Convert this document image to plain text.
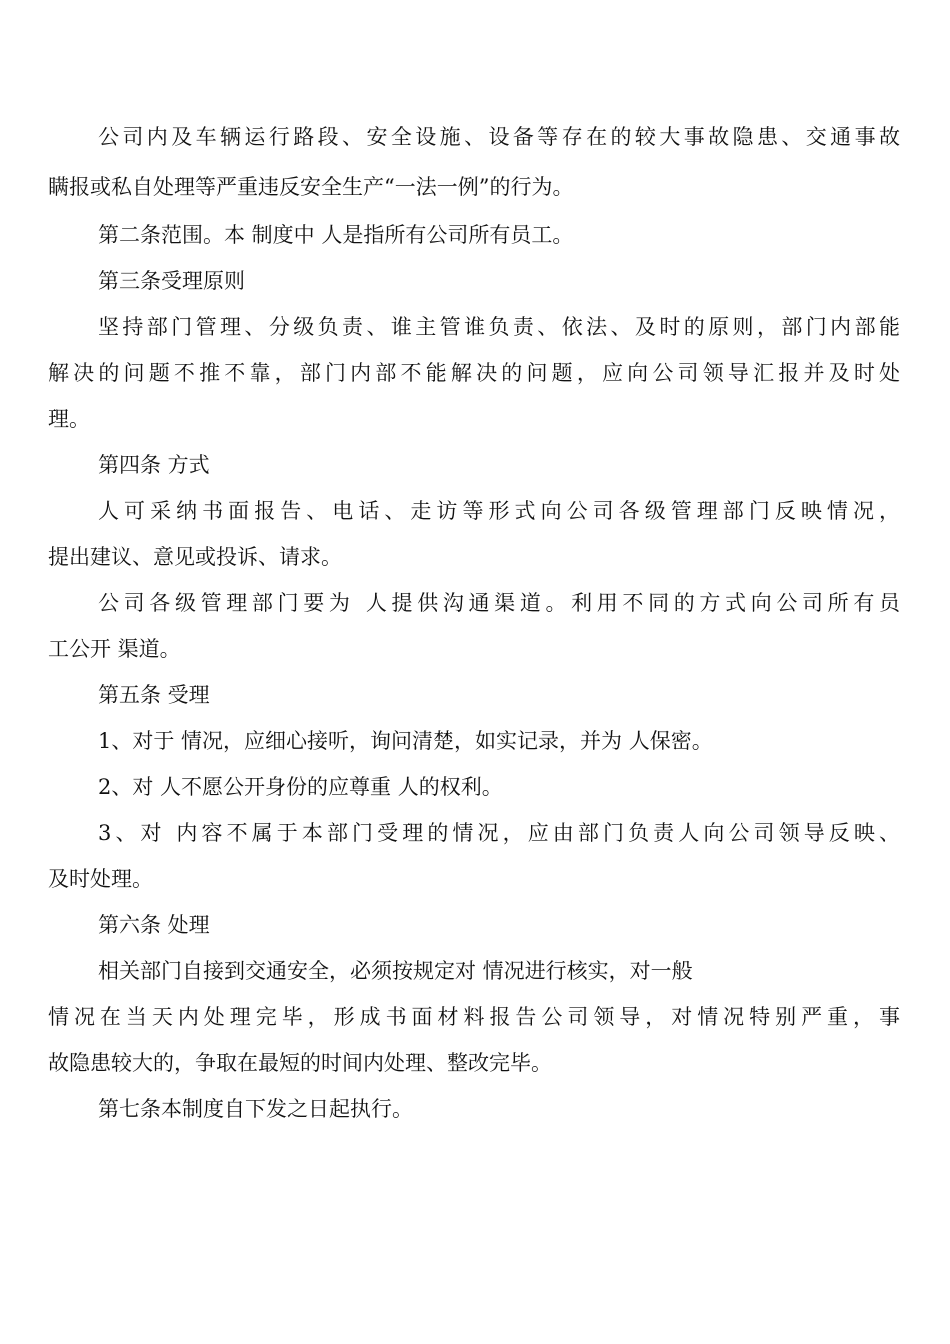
公司内及车辆运行路段、安全设施、设备等存在的较大事故隐患、交通事故
瞒报或私自处理等严重违反安全生产“一法一例”的行为。
第二条范围。本 制度中 人是指所有公司所有员工。
第三条受理原则
坚持部门管理、分级负责、谁主管谁负责、依法、及时的原则，部门内部能
解决的问题不推不靠，部门内部不能解决的问题，应向公司领导汇报并及时处
理。
第四条 方式
人可采纳书面报告、电话、走访等形式向公司各级管理部门反映情况，
提出建议、意见或投诉、请求。
公司各级管理部门要为 人提供沟通渠道。利用不同的方式向公司所有员
工公开 渠道。
第五条 受理
1、对于 情况，应细心接听，询问清楚，如实记录，并为 人保密。
2、对 人不愿公开身份的应尊重 人的权利。
3、对 内容不属于本部门受理的情况，应由部门负责人向公司领导反映、
及时处理。
第六条 处理
相关部门自接到交通安全，必须按规定对 情况进行核实，对一般
情况在当天内处理完毕，形成书面材料报告公司领导，对情况特别严重，事
故隐患较大的，争取在最短的时间内处理、整改完毕。
第七条本制度自下发之日起执行。
